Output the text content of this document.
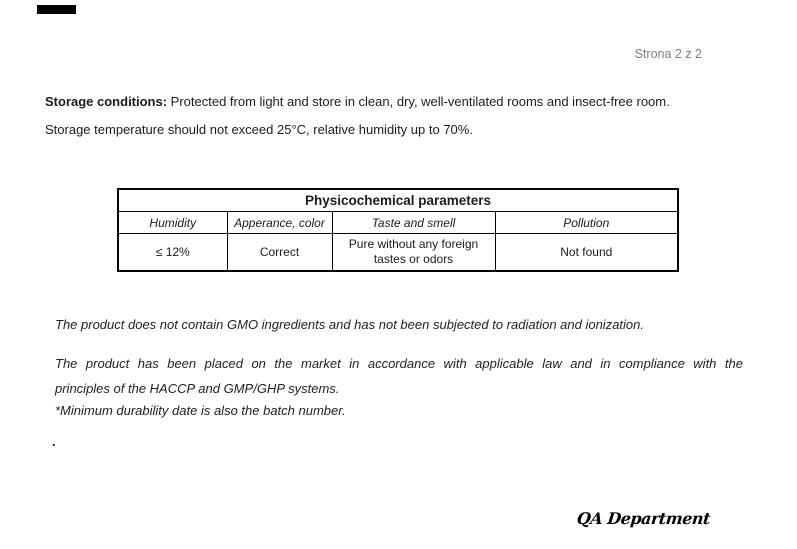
Strona 2 z 2
Storage conditions: Protected from light and store in clean, dry, well-ventilated rooms and insect-free room.
Storage temperature should not exceed 25°C, relative humidity up to 70%.
Physicochemical parameters			
Humidity	Apperance, color	Taste and smell	Pollution
≤ 12%	Correct	Pure without any foreign tastes or odors	Not found
The product does not contain GMO ingredients and has not been subjected to radiation and ionization.
The product has been placed on the market in accordance with applicable law and in compliance with the
principles of the HACCP and GMP/GHP systems.
*Minimum durability date is also the batch number.
.
QA Department
